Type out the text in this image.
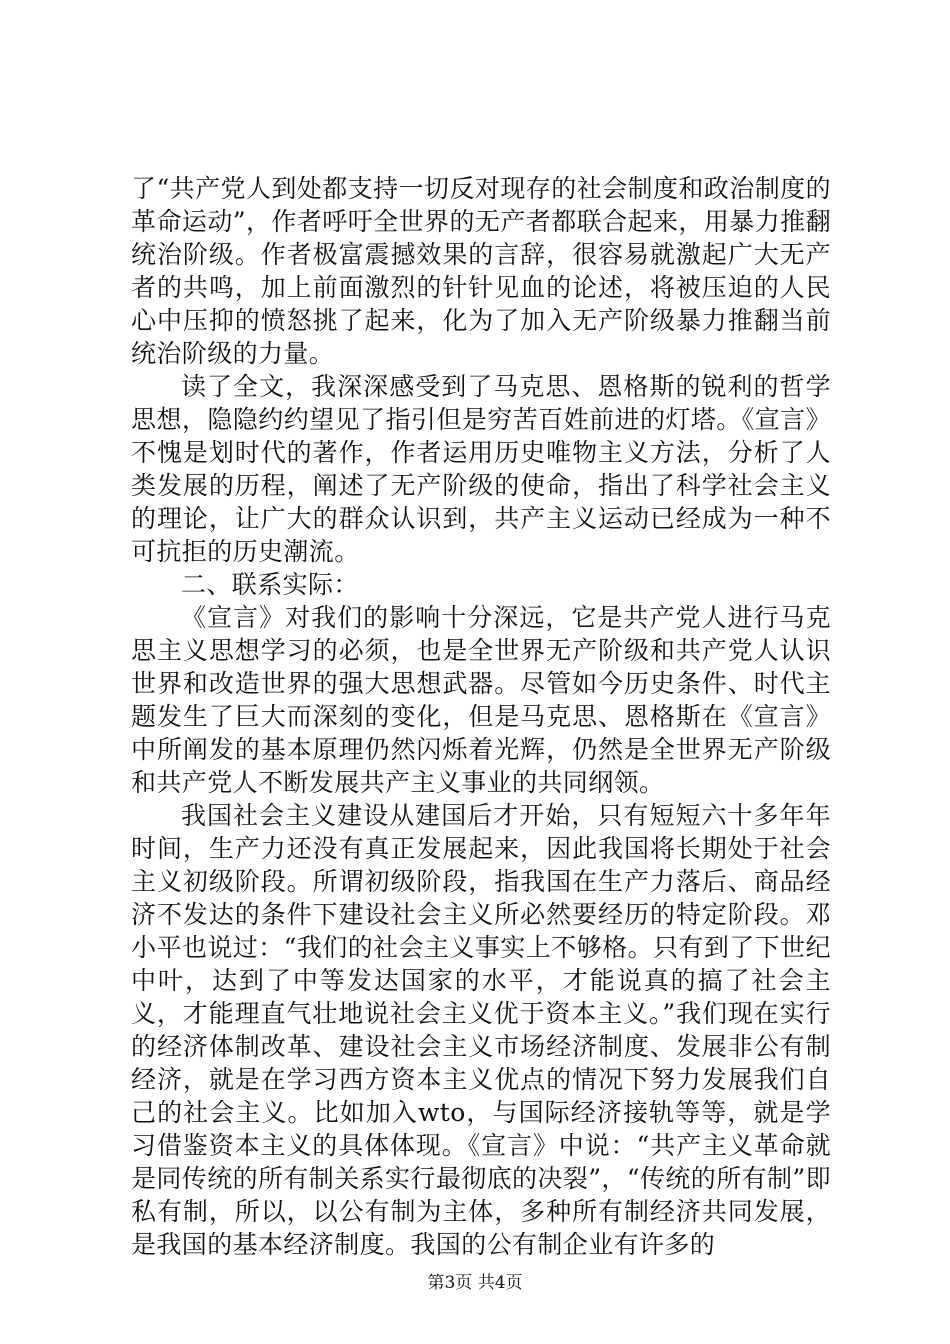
了“共产党人到处都支持一切反对现存的社会制度和政治制度的革命运动”，作者呼吁全世界的无产者都联合起来，用暴力推翻统治阶级。作者极富震撼效果的言辞，很容易就激起广大无产者的共鸣，加上前面激烈的针针见血的论述，将被压迫的人民心中压抑的愤怒挑了起来，化为了加入无产阶级暴力推翻当前统治阶级的力量。

读了全文，我深深感受到了马克思、恩格斯的锐利的哲学思想，隐隐约约望见了指引但是穷苦百姓前进的灯塔。《宣言》不愧是划时代的著作，作者运用历史唯物主义方法，分析了人类发展的历程，阐述了无产阶级的使命，指出了科学社会主义的理论，让广大的群众认识到，共产主义运动已经成为一种不可抗拒的历史潮流。

二、联系实际：

《宣言》对我们的影响十分深远，它是共产党人进行马克思主义思想学习的必须，也是全世界无产阶级和共产党人认识世界和改造世界的强大思想武器。尽管如今历史条件、时代主题发生了巨大而深刻的变化，但是马克思、恩格斯在《宣言》中所阐发的基本原理仍然闪烁着光辉，仍然是全世界无产阶级和共产党人不断发展共产主义事业的共同纲领。

我国社会主义建设从建国后才开始，只有短短六十多年年时间，生产力还没有真正发展起来，因此我国将长期处于社会主义初级阶段。所谓初级阶段，指我国在生产力落后、商品经济不发达的条件下建设社会主义所必然要经历的特定阶段。邓小平也说过：“我们的社会主义事实上不够格。只有到了下世纪中叶，达到了中等发达国家的水平，才能说真的搞了社会主义，才能理直气壮地说社会主义优于资本主义。”我们现在实行的经济体制改革、建设社会主义市场经济制度、发展非公有制经济，就是在学习西方资本主义优点的情况下努力发展我们自己的社会主义。比如加入wto，与国际经济接轨等等，就是学习借鉴资本主义的具体体现。《宣言》中说：“共产主义革命就是同传统的所有制关系实行最彻底的决裂”，“传统的所有制”即私有制，所以，以公有制为主体，多种所有制经济共同发展，是我国的基本经济制度。我国的公有制企业有许多的

第3页 共4页
